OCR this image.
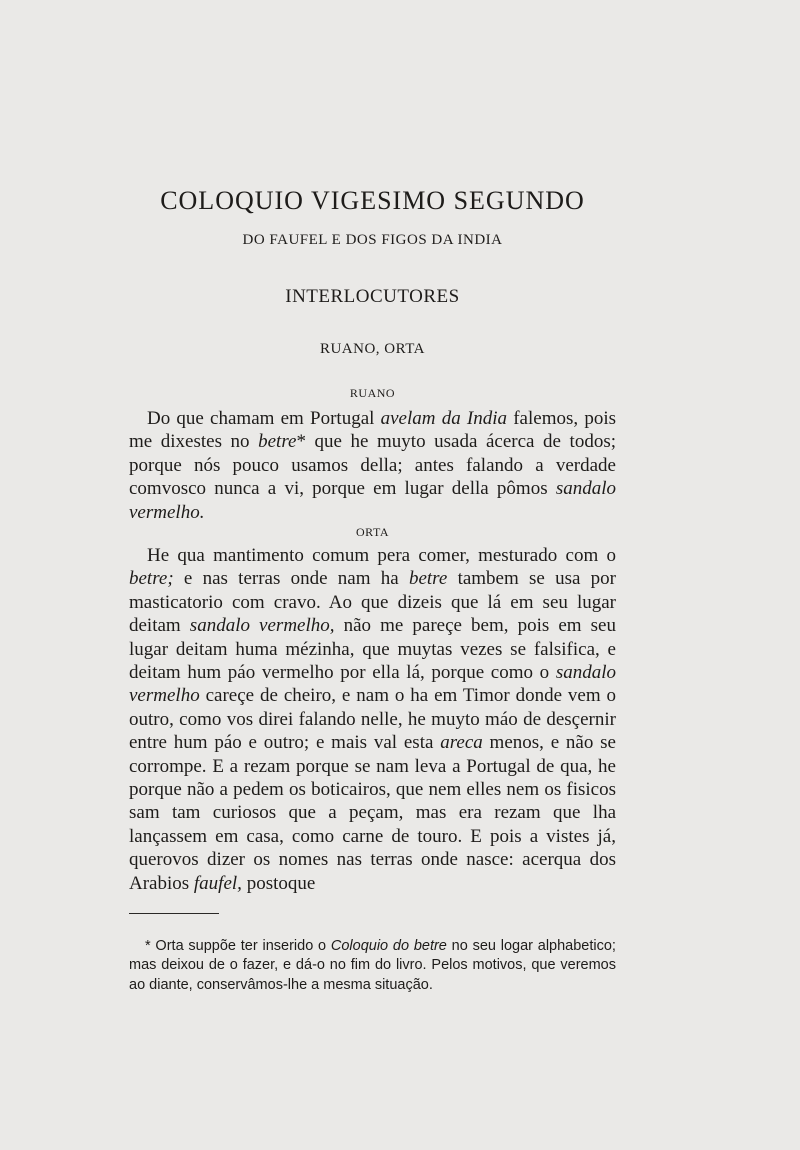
COLOQUIO VIGESIMO SEGUNDO
DO FAUFEL E DOS FIGOS DA INDIA
INTERLOCUTORES
RUANO, ORTA
RUANO
Do que chamam em Portugal avelam da India falemos, pois me dixestes no betre* que he muyto usada ácerca de todos; porque nós pouco usamos della; antes falando a verdade comvosco nunca a vi, porque em lugar della pômos sandalo vermelho.
ORTA
He qua mantimento comum pera comer, mesturado com o betre; e nas terras onde nam ha betre tambem se usa por masticatorio com cravo. Ao que dizeis que lá em seu lugar deitam sandalo vermelho, não me pareçe bem, pois em seu lugar deitam huma mézinha, que muytas vezes se falsifica, e deitam hum páo vermelho por ella lá, porque como o sandalo vermelho careçe de cheiro, e nam o ha em Timor donde vem o outro, como vos direi falando nelle, he muyto máo de desçernir entre hum páo e outro; e mais val esta areca menos, e não se corrompe. E a rezam porque se nam leva a Portugal de qua, he porque não a pedem os boticairos, que nem elles nem os fisicos sam tam curiosos que a peçam, mas era rezam que lha lançassem em casa, como carne de touro. E pois a vistes já, querovos dizer os nomes nas terras onde nasce: acerqua dos Arabios faufel, postoque
* Orta suppõe ter inserido o Coloquio do betre no seu logar alphabetico; mas deixou de o fazer, e dá-o no fim do livro. Pelos motivos, que veremos ao diante, conservâmos-lhe a mesma situação.
